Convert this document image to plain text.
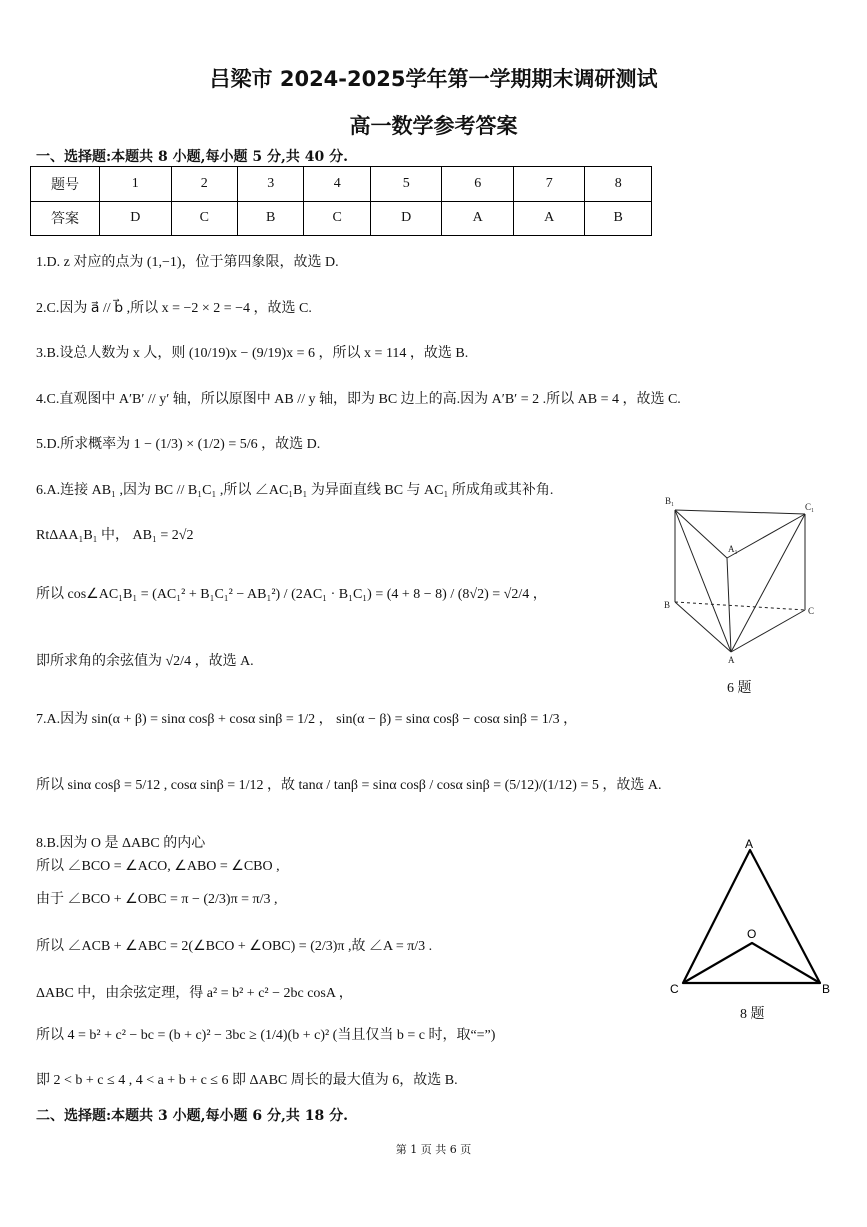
吕梁市 2024-2025学年第一学期期末调研测试
高一数学参考答案
一、选择题:本题共 8 小题,每小题 5 分,共 40 分.
题号	1	2	3	4	5	6	7	8
答案	D	C	B	C	D	A	A	B
1.D. z 对应的点为 (1,−1)，位于第四象限，故选 D.
2.C.因为 a⃗ // b⃗ ,所以 x = −2 × 2 = −4 ，故选 C.
3.B.设总人数为 x 人，则 (10/19)x − (9/19)x = 6 ，所以 x = 114 ，故选 B.
4.C.直观图中 A′B′ // y′ 轴，所以原图中 AB // y 轴，即为 BC 边上的高.因为 A′B′ = 2 .所以 AB = 4 ，故选 C.
5.D.所求概率为 1 − (1/3) × (1/2) = 5/6 ，故选 D.
6.A.连接 AB₁ ,因为 BC // B₁C₁ ,所以 ∠AC₁B₁ 为异面直线 BC 与 AC₁ 所成角或其补角.
RtΔAA₁B₁ 中， AB₁ = 2√2
所以 cos∠AC₁B₁ = (AC₁² + B₁C₁² − AB₁²) / (2AC₁ · B₁C₁) = (4 + 8 − 8) / (8√2) = √2/4 ，
即所求角的余弦值为 √2/4 ，故选 A.
7.A.因为 sin(α + β) = sinα cosβ + cosα sinβ = 1/2 ， sin(α − β) = sinα cosβ − cosα sinβ = 1/3 ，
所以 sinα cosβ = 5/12 , cosα sinβ = 1/12 ，故 tanα / tanβ = sinα cosβ / cosα sinβ = (5/12)/(1/12) = 5 ，故选 A.
8.B.因为 O 是 ΔABC 的内心
所以 ∠BCO = ∠ACO, ∠ABO = ∠CBO ,
由于 ∠BCO + ∠OBC = π − (2/3)π = π/3 ,
所以 ∠ACB + ∠ABC = 2(∠BCO + ∠OBC) = (2/3)π ,故 ∠A = π/3 .
ΔABC 中，由余弦定理，得 a² = b² + c² − 2bc cosA ，
所以 4 = b² + c² − bc = (b + c)² − 3bc ≥ (1/4)(b + c)² (当且仅当 b = c 时，取“=”)
即 2 < b + c ≤ 4 , 4 < a + b + c ≤ 6 即 ΔABC 周长的最大值为 6，故选 B.
二、选择题:本题共 3 小题,每小题 6 分,共 18 分.
B₁
C₁
A₁
B
C
A
6 题
A
O
C	B
8 题
第 1 页 共 6 页
